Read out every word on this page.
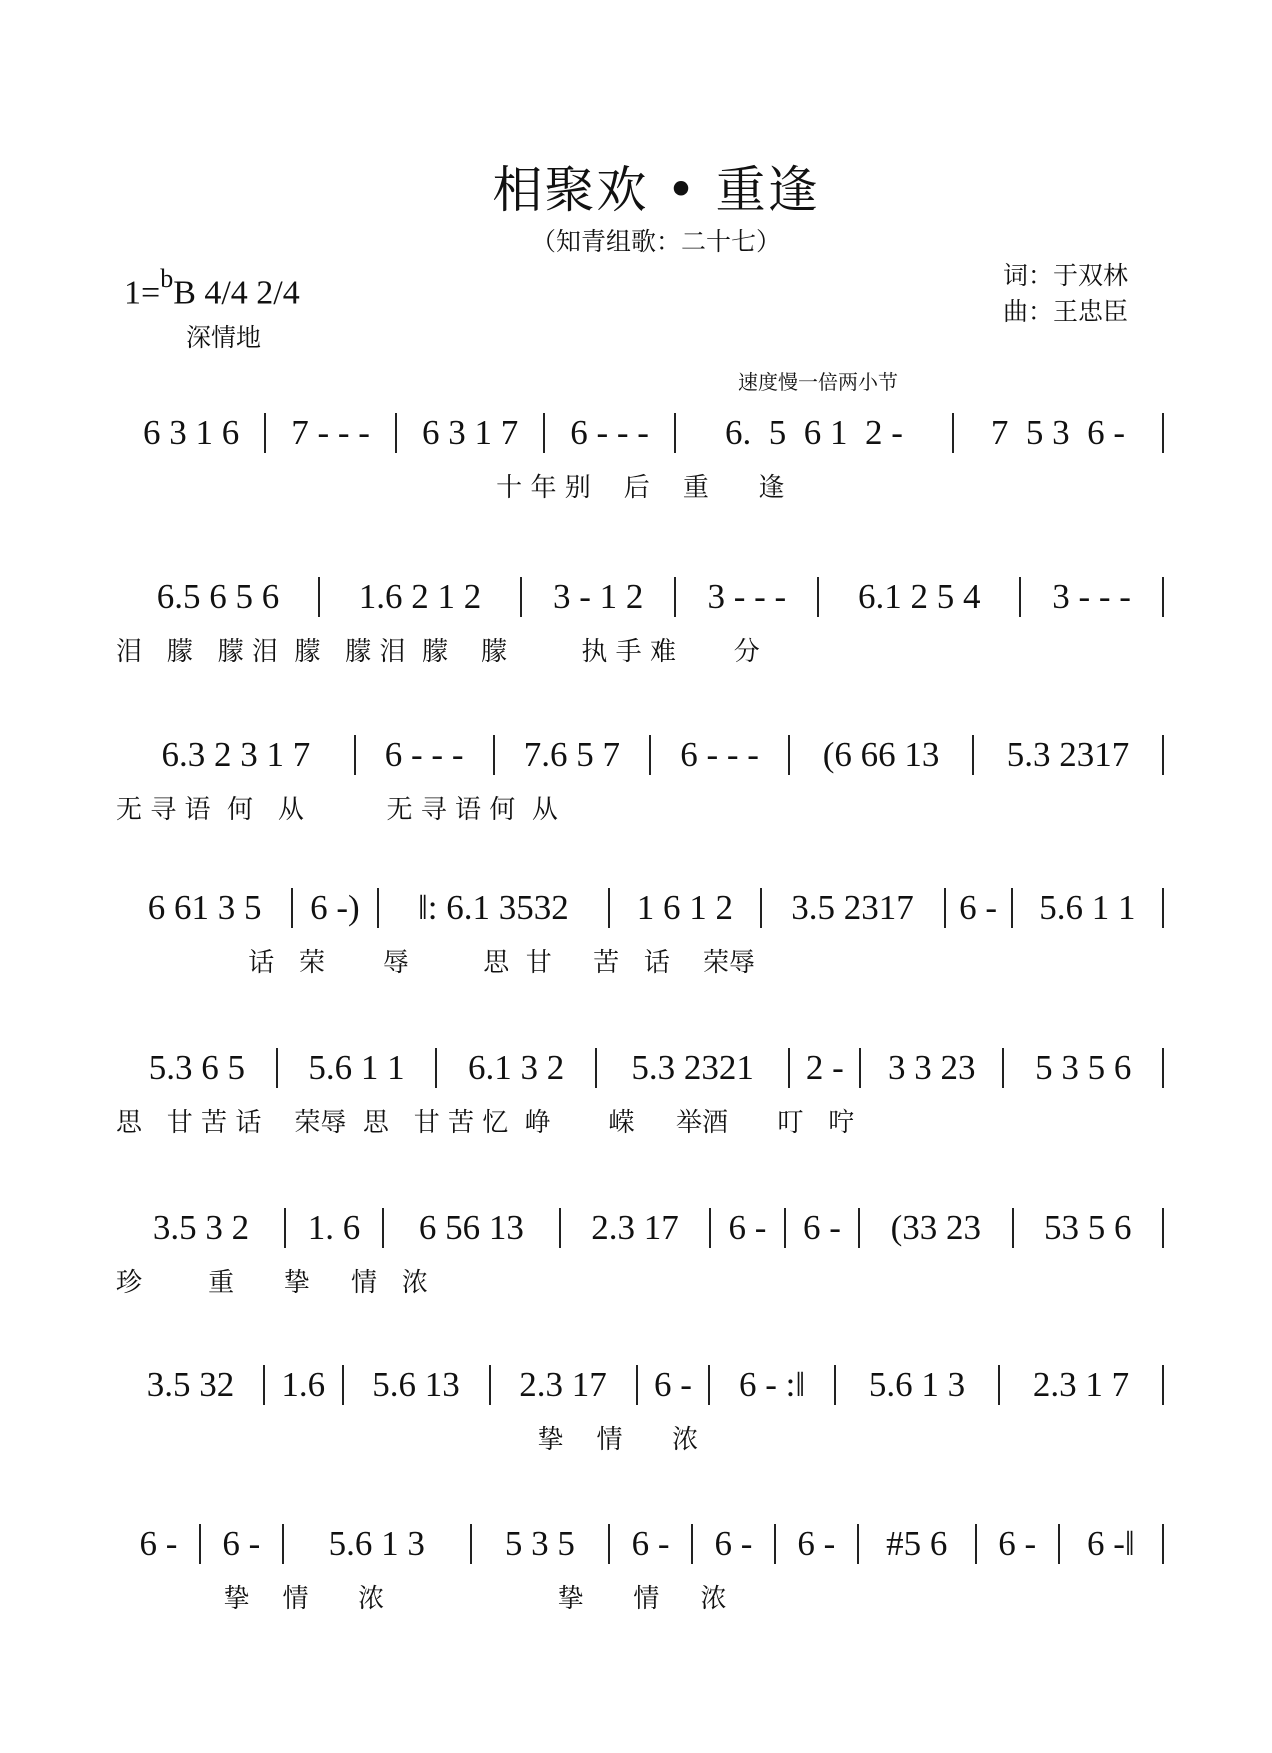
相聚欢 • 重逢
（知青组歌：二十七）
1=$^b$B 4/4 2/4
深情地
词：于双林
曲：王忠臣
速度慢一倍两小节
6 3 1 6	7 - - -	6 3 1 7	6 - - -	6.  5  6 1  2 -	7  5 3  6 -
十 年 别    后    重      逢
6.5 6 5 6	1.6 2 1 2	3 - 1 2	3 - - -	6.1 2 5 4	3 - - -
泪   朦   朦 泪  朦   朦 泪  朦    朦         执 手 难       分
6.3 2 3 1 7	6 - - -	7.6 5 7	6 - - -	(6 66 13	5.3 2317
无 寻 语  何   从          无 寻 语 何  从
6 61 3 5	6 -)	‖: 6.1 3532	1 6 1 2	3.5 2317	6 -	5.6 1 1
话   荣       辱         思  甘     苦   话    荣辱
5.3 6 5	5.6 1 1	6.1 3 2	5.3 2321	2 -	3 3 23	5 3 5 6
思   甘 苦 话    荣辱  思   甘 苦 忆  峥       嵘     举酒      叮   咛
3.5 3 2	1. 6	6 56 13	2.3 17	6 -	6 -	(33 23	53 5 6
珍        重      挚     情   浓
3.5 32	1.6	5.6 13	2.3 17	6 -	6 - :‖	5.6 1 3	2.3 1 7
挚    情      浓
6 -	6 -	5.6 1 3	5 3 5	6 -	6 -	6 -	#5 6	6 -	6 -‖
挚    情      浓                     挚      情     浓
